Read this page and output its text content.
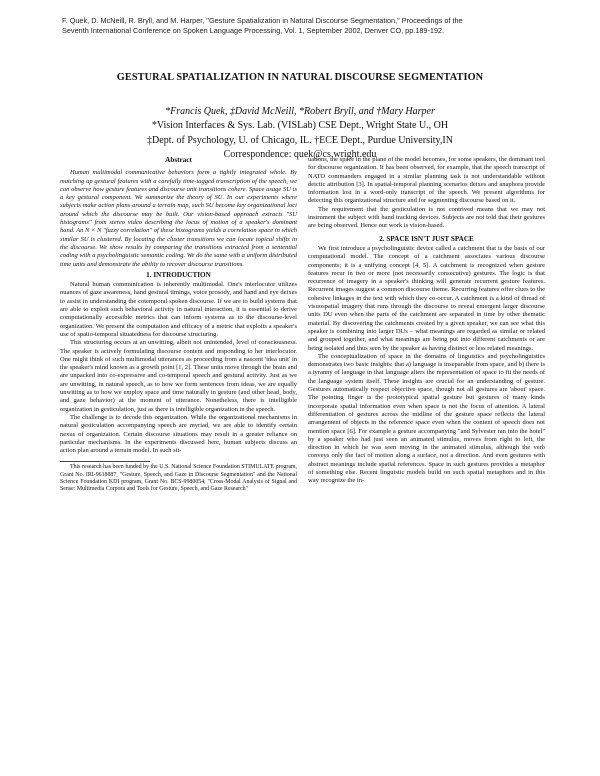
F. Quek, D. McNeill, R. Bryll, and M. Harper, "Gesture Spatialization in Natural Discourse Segmentation," Proceedings of the
Seventh International Conference on Spoken Language Processing, Vol. 1, September 2002, Denver CO, pp.189-192.
GESTURAL SPATIALIZATION IN NATURAL DISCOURSE SEGMENTATION

*Francis Quek, ‡David McNeill, *Robert Bryll, and †Mary Harper
*Vision Interfaces & Sys. Lab. (VISLab) CSE Dept., Wright State U., OH
‡Dept. of Psychology, U. of Chicago, IL. †ECE Dept., Purdue University,IN
Correspondence: quek@cs.wright.edu

Abstract

Human multimodal communicative behaviors form a tightly integrated whole. By matching up gestural features with a carefully time-tagged transcription of the speech, we can observe how gesture features and discourse unit transitions cohere. Space usage SU is a key gestural component. We summarize the theory of SU. In our experiments where subjects make action plans around a terrain map, such SU become key organizational loci around which the discourse may be built. Our vision-based approach extracts "SU histograms" from stereo video describing the locus of motion of a speaker's dominant hand. An N × N "fuzzy correlation" of these histograms yields a correlation space in which similar SU is clustered. By locating the cluster transitions we can locate topical shifts in the discourse. We show results by comparing the transitions extracted from a sentential coding with a psycholinguistic semantic coding. We do the same with a uniform distributed time units and demonstrate the ability to recover discourse transitions.

1. INTRODUCTION

Natural human communication is inherently multimodal. One's interlocutor utilizes nuances of gaze awareness, hand gestural timings, voice prosody, and hand and eye deixes to assist in understanding the cotemporal spoken discourse. If we are to build systems that are able to exploit such behavioral activity in natural interaction, it is essential to derive computationally accessible metrics that can inform systems as to the discourse-level organization. We present the computation and efficacy of a metric that exploits a speaker's use of spatio-temporal situatedness for discourse structuring.

This structuring occurs at an unwitting, albeit not unintended, level of consciousness. The speaker is actively formulating discourse content and responding to her interlocutor. One might think of such multimodal utterances as proceeding from a nascent 'idea unit' in the speaker's mind known as a growth point [1, 2]. These units move through the brain and are unpacked into co-expressive and co-temporal speech and gestural activity. Just as we are unwitting, in natural speech, as to how we form sentences from ideas, we are equally unwitting as to how we employ space and time naturally in gesture (and other head, body, and gaze behavior) at the moment of utterance. Nonetheless, there is intelligible organization in gesticulation, just as there is intelligible organization in the speech.

The challenge is to decode this organization. While the organizational mechanisms in natural gesticulation accompanying speech are myriad, we are able to identify certain nexus of organization. Certain discourse situations may result in a greater reliance on particular mechanisms. In the experiments discussed here, human subjects discuss an action plan around a terrain model. In such sit-

This research has been funded by the U.S. National Science Foundation STIMULATE program, Grant No. IRI-9618887, "Gesture, Speech, and Gaze in Discourse Segmentation" and the National Science Foundation KDI program, Grant No. BCS-9980054, "Cross-Modal Analysis of Signal and Sense: Multimedia Corpora and Tools for Gesture, Speech, and Gaze Research"

uations, the space in the plane of the model becomes, for some speakers, the dominant tool for discourse organization. It has been observed, for example, that the speech transcript of NATO commanders engaged in a similar planning task is not understandable without deictic attribution [3]. In spatial-temporal planning scenarios deixes and anaphora provide information lost in a word-only transcript of the speech. We present algorithms for detecting this organizational structure and for segmenting discourse based on it.

The requirement that the gesticulation is not contrived means that we may not instrument the subject with hand tracking devices. Subjects are not told that their gestures are being observed. Hence our work is vision-based.

2. SPACE ISN'T JUST SPACE

We first introduce a psycholinguistic device called a catchment that is the basis of our computational model. The concept of a catchment associates various discourse components; it is a unifying concept [4, 5]. A catchment is recognized when gesture features recur in two or more (not necessarily consecutive) gestures. The logic is that recurrence of imagery in a speaker's thinking will generate recurrent gesture features. Recurrent images suggest a common discourse theme. Recurring features offer clues to the cohesive linkages in the text with which they co-occur. A catchment is a kind of thread of visuospatial imagery that runs through the discourse to reveal emergent larger discourse units DU even when the parts of the catchment are separated in time by other thematic material. By discovering the catchments created by a given speaker, we can see what this speaker is combining into larger DUs – what meanings are regarded as similar or related and grouped together, and what meanings are being put into different catchments or are being isolated and thus seen by the speaker as having distinct or less related meanings.

The conceptualization of space in the domains of linguistics and psycholinguistics demonstrates two basic insights: that a) language is inseparable from space, and b) there is a tyranny of language in that language alters the representation of space to fit the needs of the language system itself. These insights are crucial for an understanding of gesture. Gestures automatically respect objective space, though not all gestures are 'about' space. The pointing finger is the prototypical spatial gesture but gestures of many kinds incorporate spatial information even when space is not the focus of attention. A lateral differentiation of gestures across the midline of the gesture space reflects the lateral arrangement of objects in the reference space even when the content of speech does not mention space [6]. For example a gesture accompanying "and Sylvester ran into the hotel" by a speaker who had just seen an animated stimulus, moves from right to left, the direction in which he was seen moving in the animated stimulus, although the verb conveys only the fact of motion along a surface, not a direction. And even gestures with abstract meanings include spatial references. Space in such gestures provides a metaphor of something else. Recent linguistic models build on such spatial metaphors and in this way recognize the in-
